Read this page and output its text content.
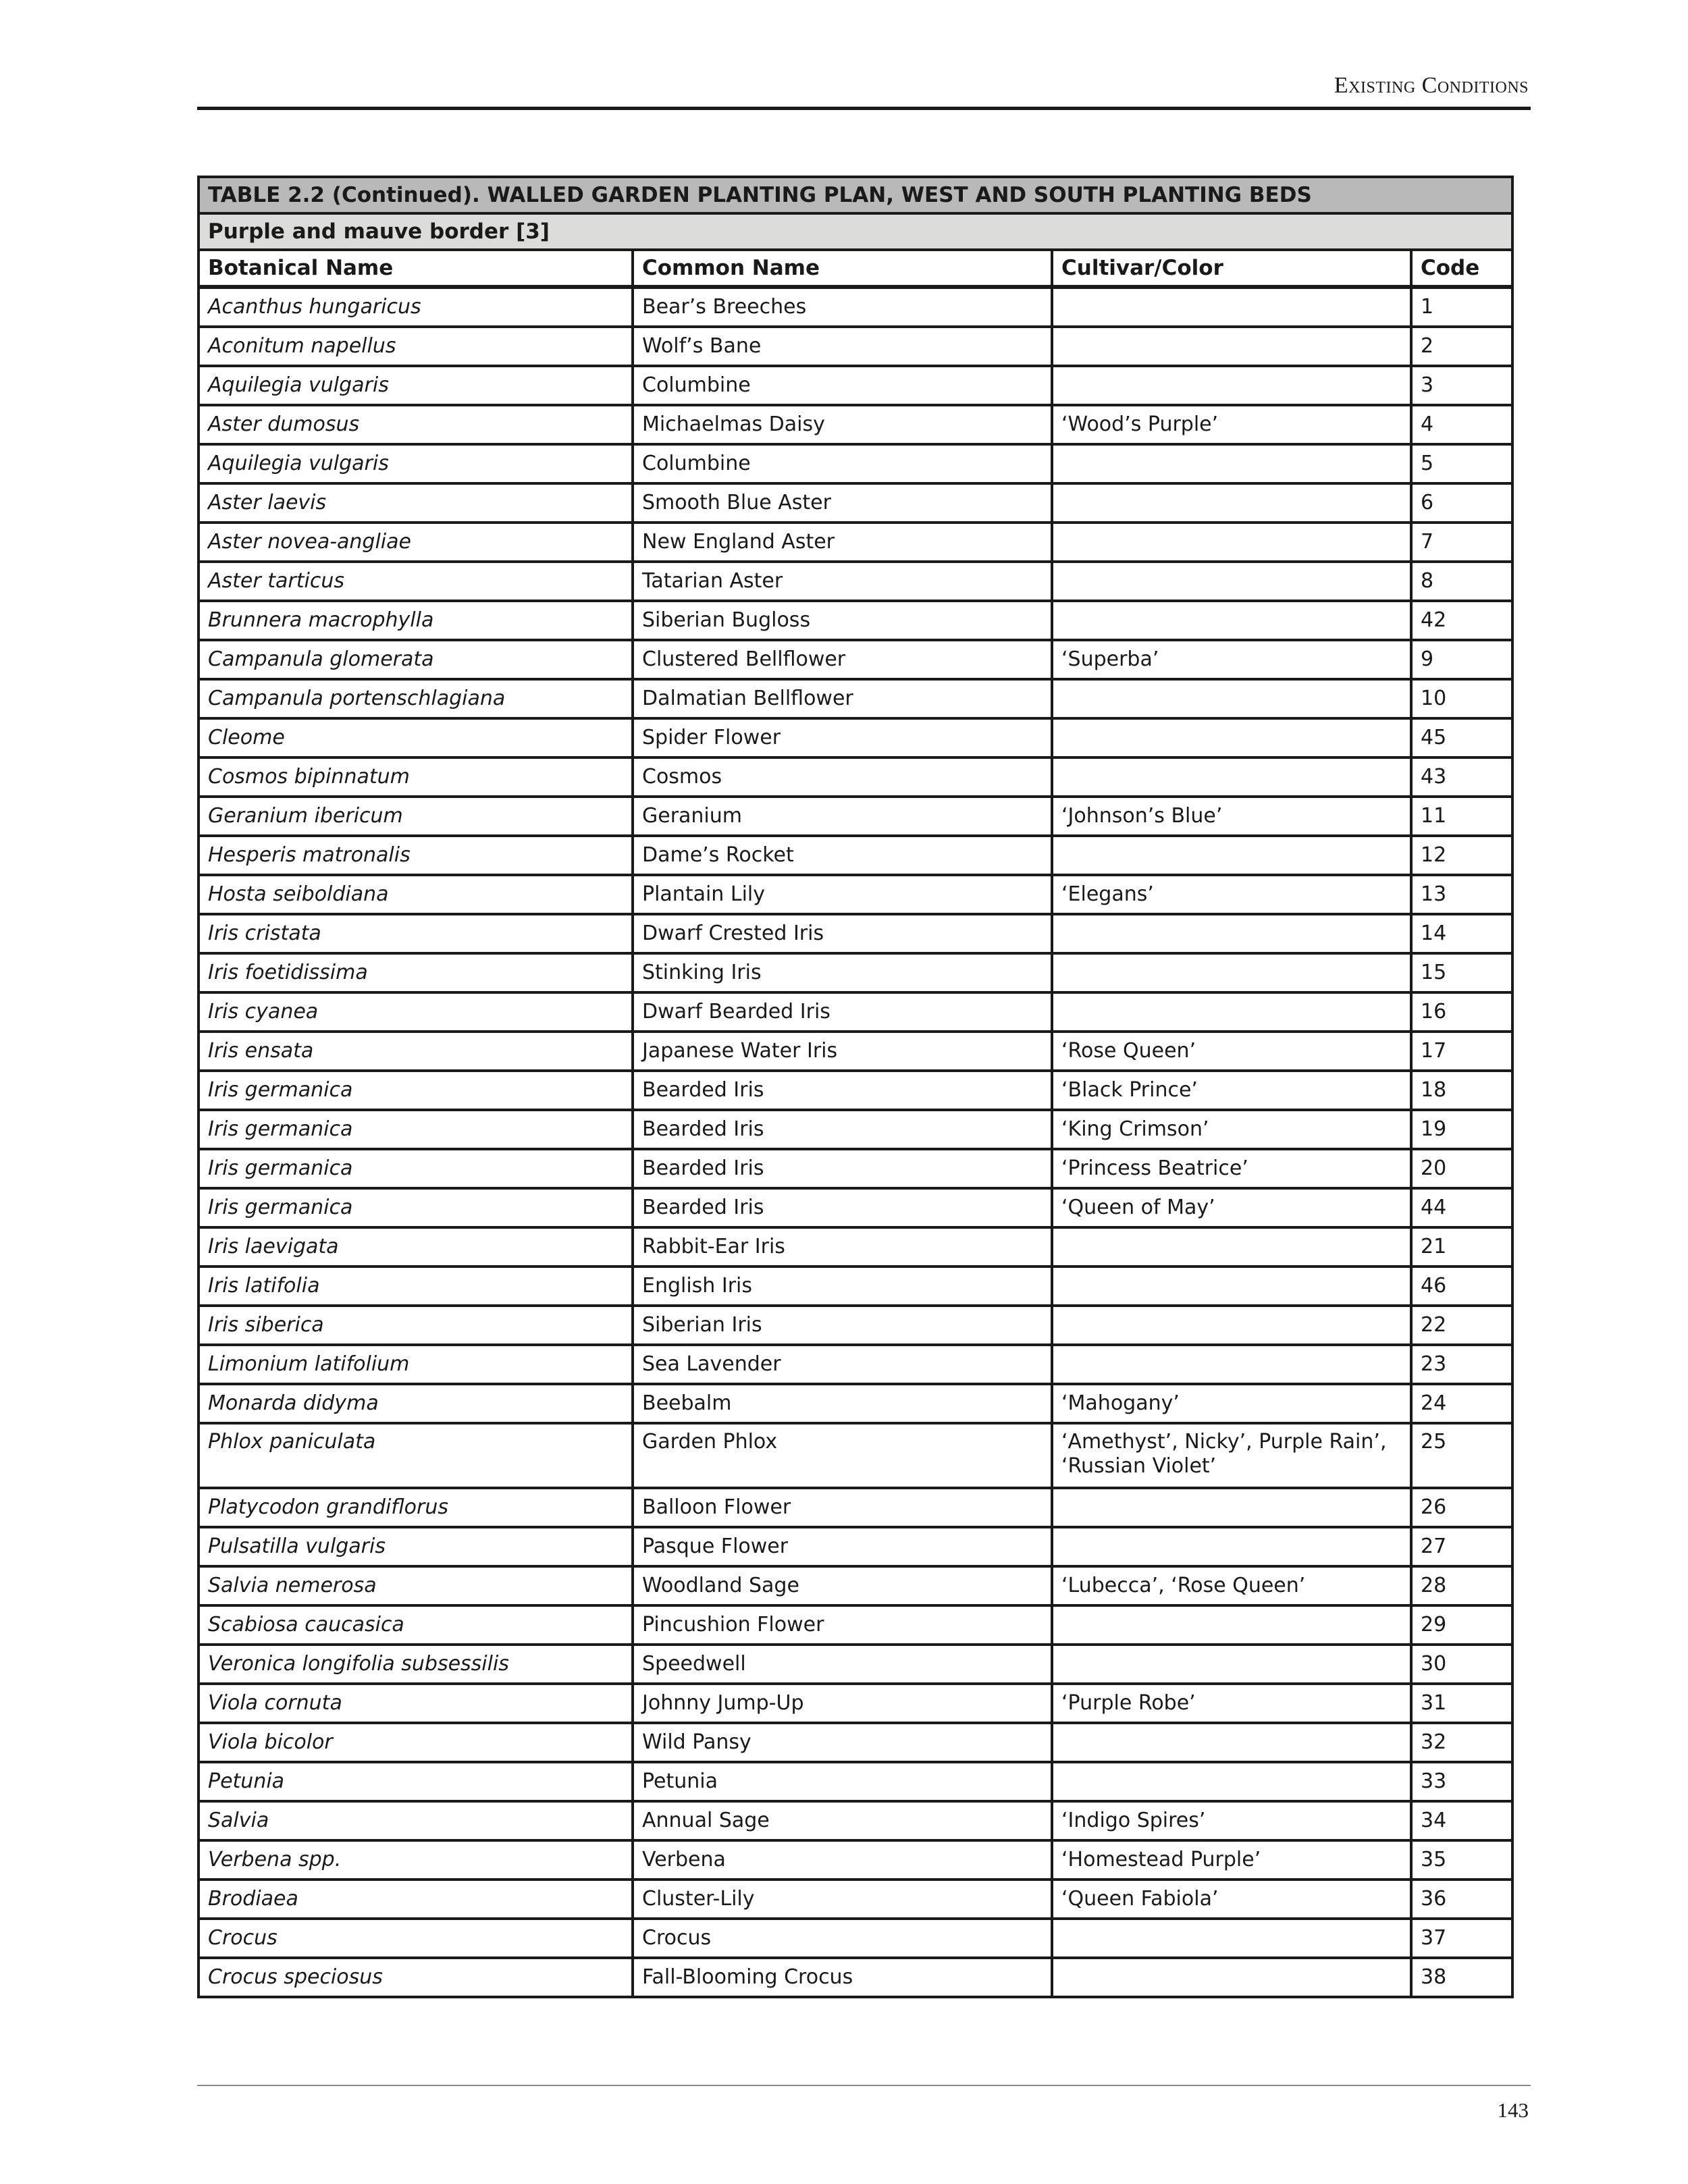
Existing Conditions
TABLE 2.2 (Continued). WALLED GARDEN PLANTING PLAN, WEST AND SOUTH PLANTING BEDS			
Purple and mauve border [3]			
Botanical Name	Common Name	Cultivar/Color	Code
Acanthus hungaricus	Bear’s Breeches		1
Aconitum napellus	Wolf’s Bane		2
Aquilegia vulgaris	Columbine		3
Aster dumosus	Michaelmas Daisy	‘Wood’s Purple’	4
Aquilegia vulgaris	Columbine		5
Aster laevis	Smooth Blue Aster		6
Aster novea-angliae	New England Aster		7
Aster tarticus	Tatarian Aster		8
Brunnera macrophylla	Siberian Bugloss		42
Campanula glomerata	Clustered Bellflower	‘Superba’	9
Campanula portenschlagiana	Dalmatian Bellflower		10
Cleome	Spider Flower		45
Cosmos bipinnatum	Cosmos		43
Geranium ibericum	Geranium	‘Johnson’s Blue’	11
Hesperis matronalis	Dame’s Rocket		12
Hosta seiboldiana	Plantain Lily	‘Elegans’	13
Iris cristata	Dwarf Crested Iris		14
Iris foetidissima	Stinking Iris		15
Iris cyanea	Dwarf Bearded Iris		16
Iris ensata	Japanese Water Iris	‘Rose Queen’	17
Iris germanica	Bearded Iris	‘Black Prince’	18
Iris germanica	Bearded Iris	‘King Crimson’	19
Iris germanica	Bearded Iris	‘Princess Beatrice’	20
Iris germanica	Bearded Iris	‘Queen of May’	44
Iris laevigata	Rabbit-Ear Iris		21
Iris latifolia	English Iris		46
Iris siberica	Siberian Iris		22
Limonium latifolium	Sea Lavender		23
Monarda didyma	Beebalm	‘Mahogany’	24
Phlox paniculata	Garden Phlox	‘Amethyst’, Nicky’, Purple Rain’, ‘Russian Violet’	25
Platycodon grandiflorus	Balloon Flower		26
Pulsatilla vulgaris	Pasque Flower		27
Salvia nemerosa	Woodland Sage	‘Lubecca’, ‘Rose Queen’	28
Scabiosa caucasica	Pincushion Flower		29
Veronica longifolia subsessilis	Speedwell		30
Viola cornuta	Johnny Jump-Up	‘Purple Robe’	31
Viola bicolor	Wild Pansy		32
Petunia	Petunia		33
Salvia	Annual Sage	‘Indigo Spires’	34
Verbena spp.	Verbena	‘Homestead Purple’	35
Brodiaea	Cluster-Lily	‘Queen Fabiola’	36
Crocus	Crocus		37
Crocus speciosus	Fall-Blooming Crocus		38
143
